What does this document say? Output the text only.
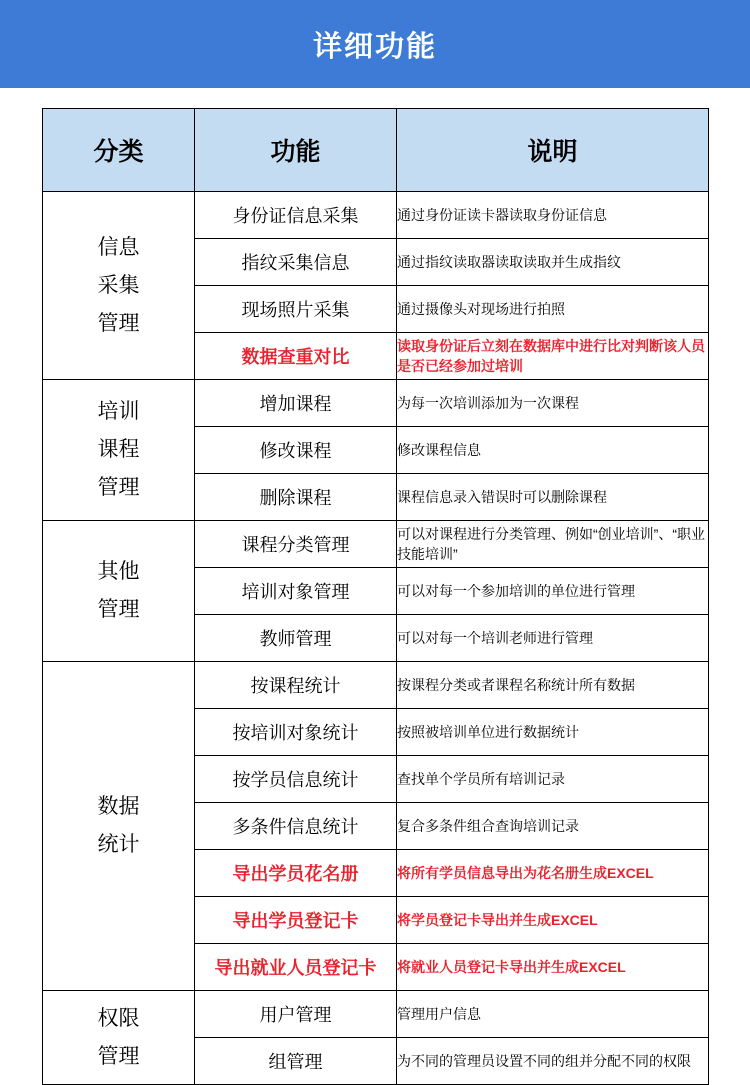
详细功能
分类	功能	说明

信息
采集
管理	身份证信息采集	通过身份证读卡器读取身份证信息
	指纹采集信息	通过指纹读取器读取读取并生成指纹
	现场照片采集	通过摄像头对现场进行拍照
	数据查重对比	读取身份证后立刻在数据库中进行比对判断该人员是否已经参加过培训

培训
课程
管理	增加课程	为每一次培训添加为一次课程
	修改课程	修改课程信息
	删除课程	课程信息录入错误时可以删除课程

其他
管理	课程分类管理	可以对课程进行分类管理、例如“创业培训”、“职业技能培训”
	培训对象管理	可以对每一个参加培训的单位进行管理
	教师管理	可以对每一个培训老师进行管理

数据
统计	按课程统计	按课程分类或者课程名称统计所有数据
	按培训对象统计	按照被培训单位进行数据统计
	按学员信息统计	查找单个学员所有培训记录
	多条件信息统计	复合多条件组合查询培训记录
	导出学员花名册	将所有学员信息导出为花名册生成EXCEL
	导出学员登记卡	将学员登记卡导出并生成EXCEL
	导出就业人员登记卡	将就业人员登记卡导出并生成EXCEL

权限
管理	用户管理	管理用户信息
	组管理	为不同的管理员设置不同的组并分配不同的权限
